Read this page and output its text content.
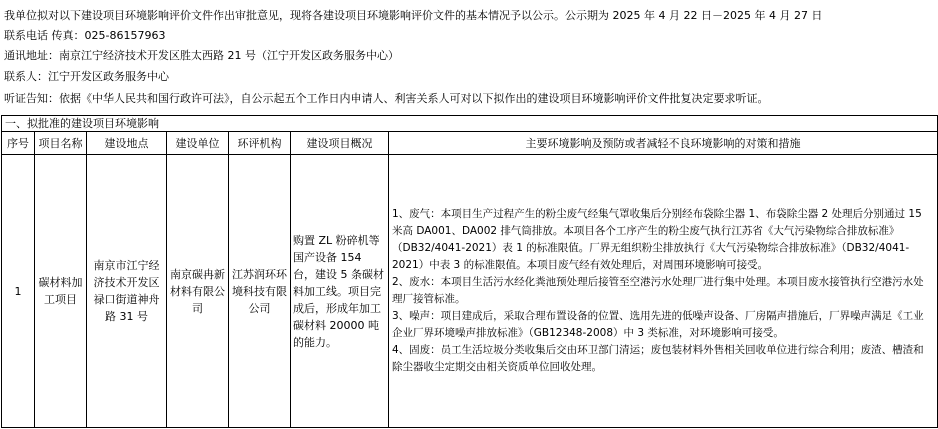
我单位拟对以下建设项目环境影响评价文件作出审批意见，现将各建设项目环境影响评价文件的基本情况予以公示。公示期为 2025 年 4 月 22 日－2025 年 4 月 27 日
联系电话 传真：025-86157963
通讯地址：南京江宁经济技术开发区胜太西路 21 号（江宁开发区政务服务中心）
联系人：江宁开发区政务服务中心
听证告知：依据《中华人民共和国行政许可法》，自公示起五个工作日内申请人、利害关系人可对以下拟作出的建设项目环境影响评价文件批复决定要求听证。
一、拟批准的建设项目环境影响						
序号	项目名称	建设地点	建设单位	环评机构	建设项目概况	主要环境影响及预防或者减轻不良环境影响的对策和措施
1	碳材料加工项目	南京市江宁经济技术开发区禄口街道神舟路 31 号	南京碳冉新材料有限公司	江苏润环环境科技有限公司	购置 ZL 粉碎机等国产设备 154 台，建设 5 条碳材料加工线。项目完成后，形成年加工碳材料 20000 吨的能力。	1、废气：本项目生产过程产生的粉尘废气经集气罩收集后分别经布袋除尘器 1、布袋除尘器 2 处理后分别通过 15 米高 DA001、DA002 排气筒排放。本项目各个工序产生的粉尘废气执行江苏省《大气污染物综合排放标准》（DB32/4041-2021）表 1 的标准限值。厂界无组织粉尘排放执行《大气污染物综合排放标准》（DB32/4041-2021）中表 3 的标准限值。本项目废气经有效处理后，对周围环境影响可接受。

2、废水：本项目生活污水经化粪池预处理后接管至空港污水处理厂进行集中处理。本项目废水接管执行空港污水处理厂接管标准。

3、噪声：项目建成后，采取合理布置设备的位置、选用先进的低噪声设备、厂房隔声措施后，厂界噪声满足《工业企业厂界环境噪声排放标准》（GB12348-2008）中 3 类标准，对环境影响可接受。

4、固废：员工生活垃圾分类收集后交由环卫部门清运；废包装材料外售相关回收单位进行综合利用；废渣、槽渣和除尘器收尘定期交由相关资质单位回收处理。
